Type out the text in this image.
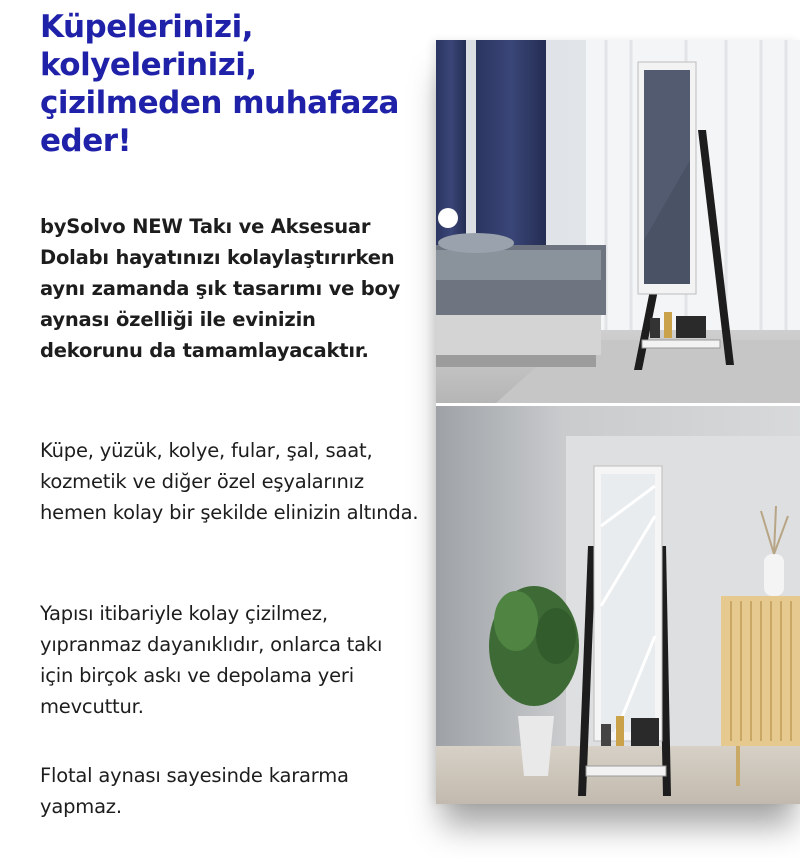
Küpelerinizi, kolyelerinizi, çizilmeden muhafaza eder!

bySolvo NEW Takı ve Aksesuar Dolabı hayatınızı kolaylaştırırken aynı zamanda şık tasarımı ve boy aynası özelliği ile evinizin dekorunu da tamamlayacaktır.

Küpe, yüzük, kolye, fular, şal, saat, kozmetik ve diğer özel eşyalarınız hemen kolay bir şekilde elinizin altında.

Yapısı itibariyle kolay çizilmez, yıpranmaz dayanıklıdır, onlarca takı için birçok askı ve depolama yeri mevcuttur.

Flotal aynası sayesinde kararma yapmaz.
